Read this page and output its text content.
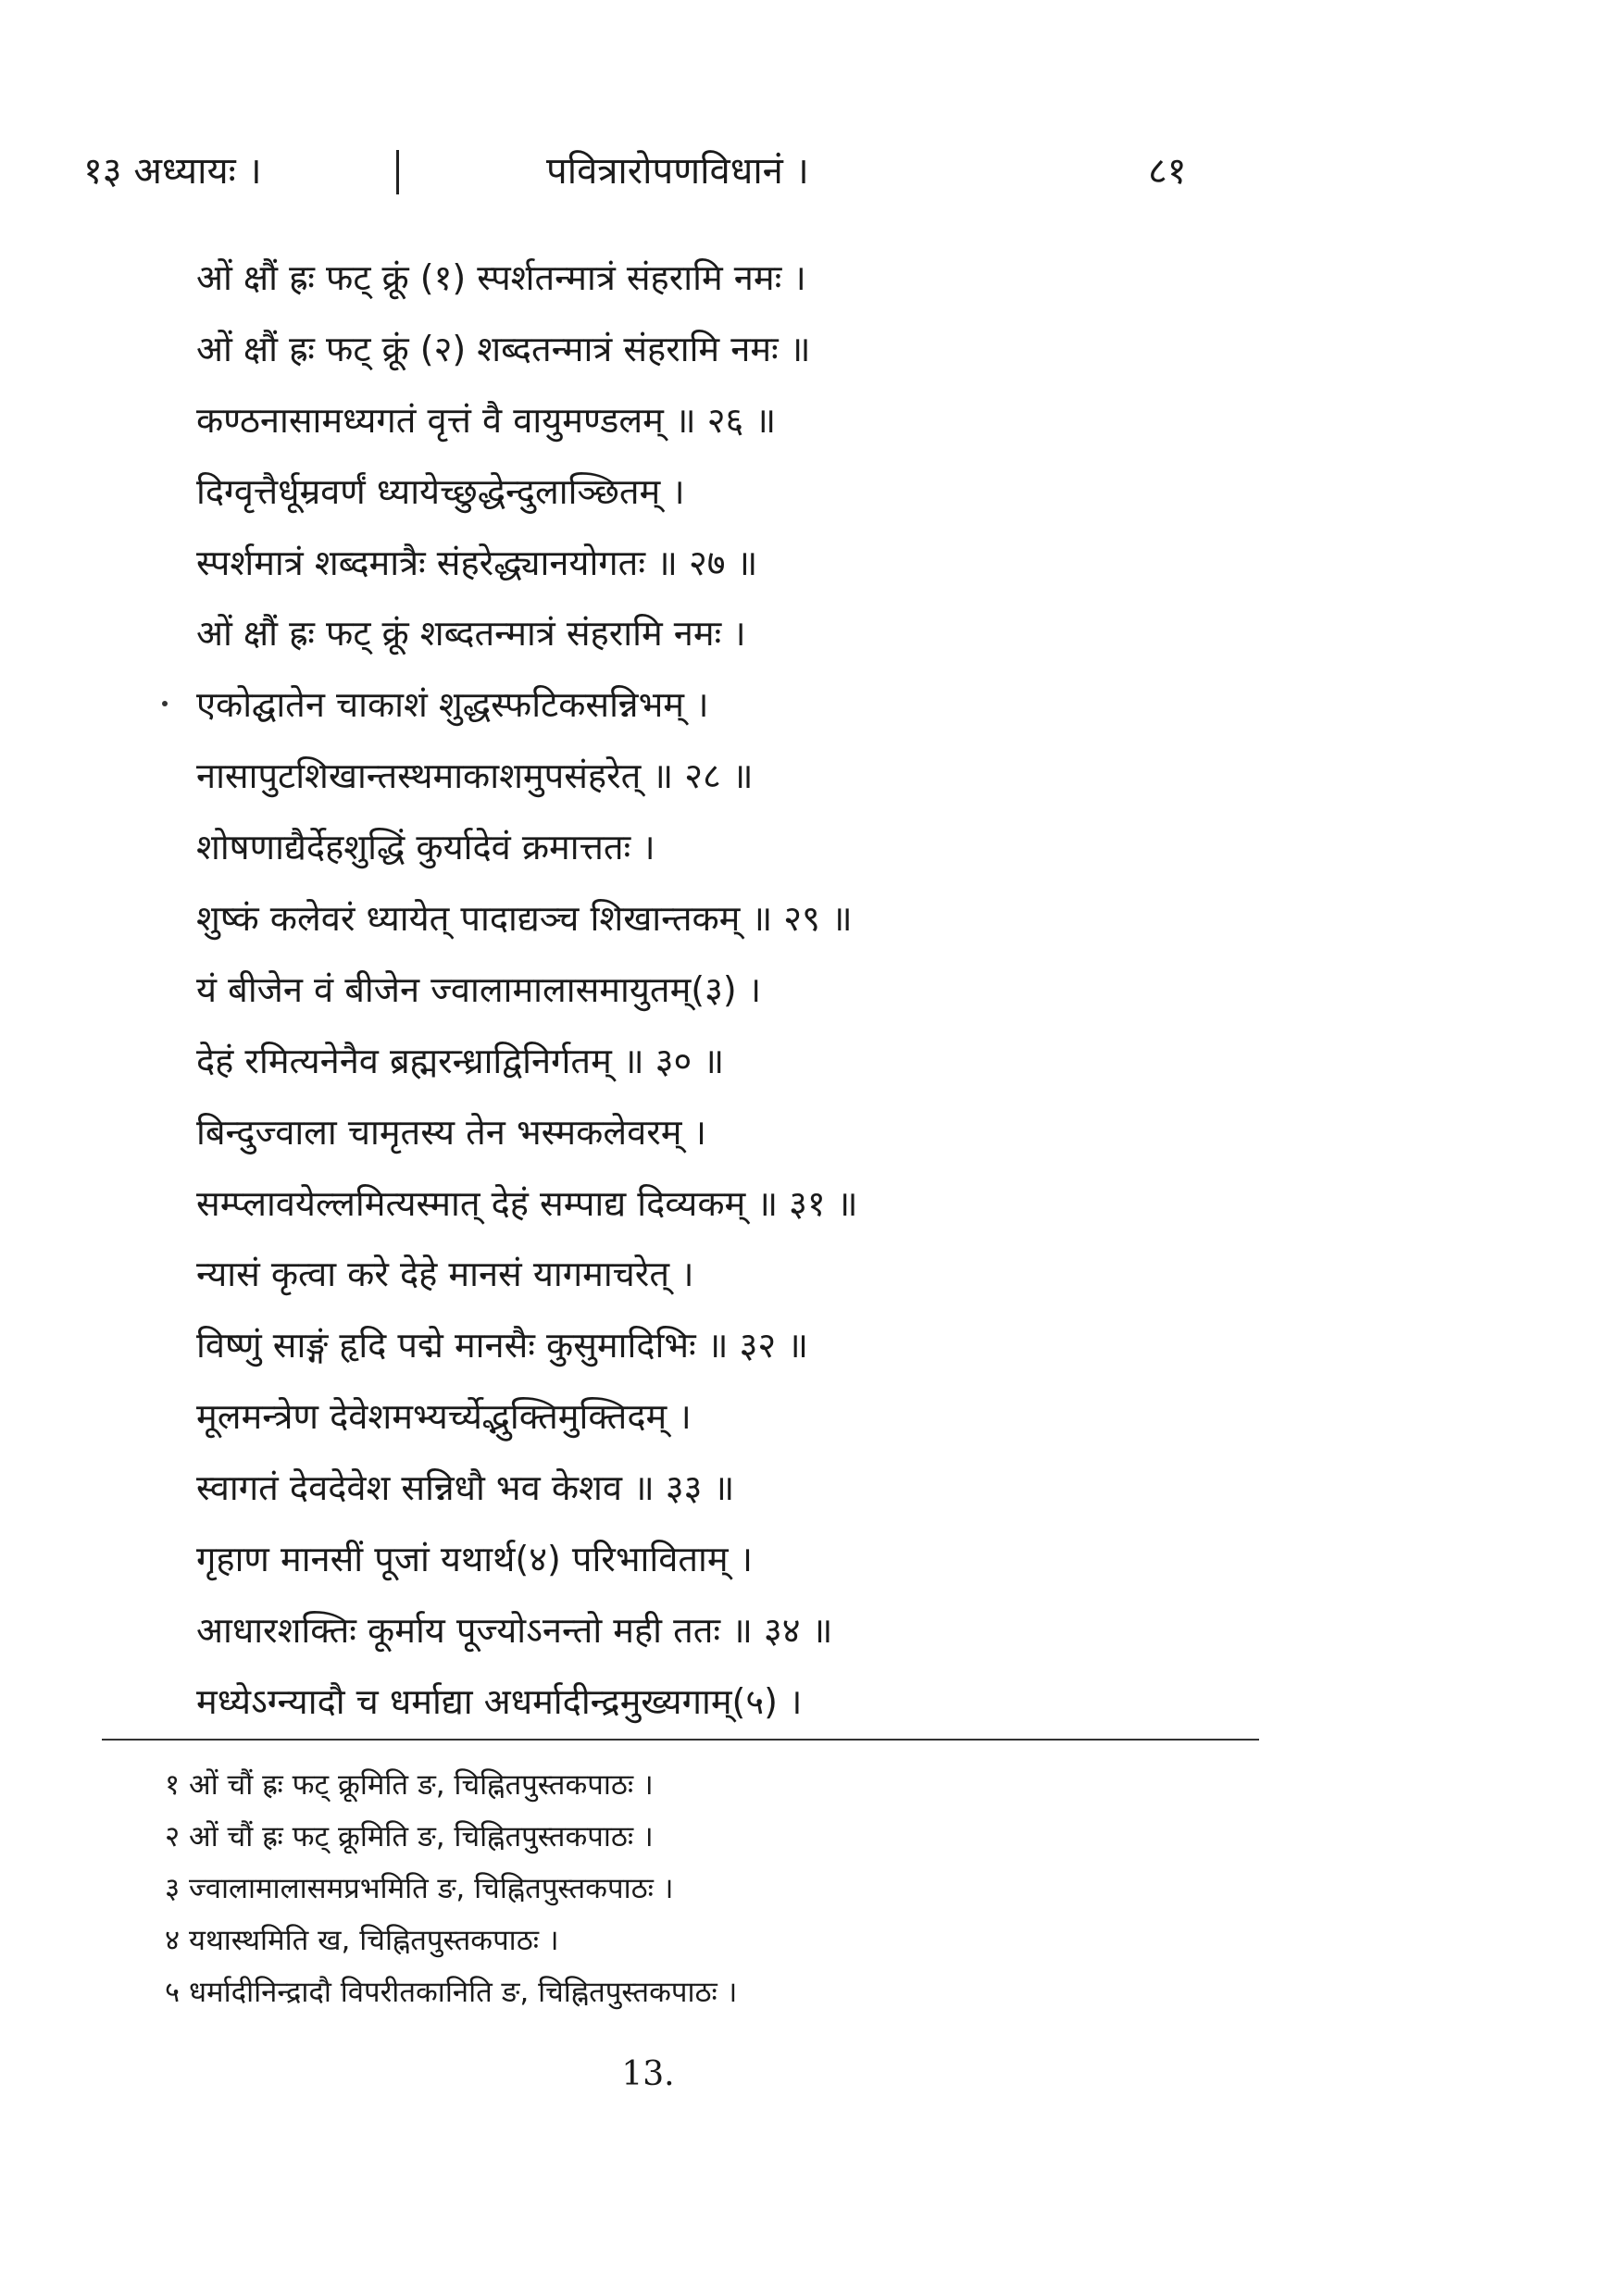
१३ अध्यायः ।	पवित्रारोपणविधानं ।	८१
ओं क्षौं ह्रः फट् क्रूं (१) स्पर्शतन्मात्रं संहरामि नमः ।
ओं क्षौं ह्रः फट् क्रूं (२) शब्दतन्मात्रं संहरामि नमः ॥
कण्ठनासामध्यगतं वृत्तं वै वायुमण्डलम् ॥ २६ ॥
दिग्वृत्तैर्धूम्रवर्णं ध्यायेच्छुद्धेन्दुलाञ्छितम् ।
स्पर्शमात्रं शब्दमात्रैः संहरेद्ध्यानयोगतः ॥ २७ ॥
ओं क्षौं ह्रः फट् क्रूं शब्दतन्मात्रं संहरामि नमः ।
एकोद्घातेन चाकाशं शुद्धस्फटिकसन्निभम् ।
नासापुटशिखान्तस्थमाकाशमुपसंहरेत् ॥ २८ ॥
शोषणाद्यैर्देहशुद्धिं कुर्यादेवं क्रमात्ततः ।
शुष्कं कलेवरं ध्यायेत् पादाद्यञ्च शिखान्तकम् ॥ २९ ॥
यं बीजेन वं बीजेन ज्वालामालासमायुतम्(३) ।
देहं रमित्यनेनैव ब्रह्मरन्ध्राद्विनिर्गतम् ॥ ३० ॥
बिन्दुज्वाला चामृतस्य तेन भस्मकलेवरम् ।
सम्प्लावयेल्लमित्यस्मात् देहं सम्पाद्य दिव्यकम् ॥ ३१ ॥
न्यासं कृत्वा करे देहे मानसं यागमाचरेत् ।
विष्णुं साङ्गं हृदि पद्मे मानसैः कुसुमादिभिः ॥ ३२ ॥
मूलमन्त्रेण देवेशमभ्यर्च्येद्भुक्तिमुक्तिदम् ।
स्वागतं देवदेवेश सन्निधौ भव केशव ॥ ३३ ॥
गृहाण मानसीं पूजां यथार्थ(४) परिभाविताम् ।
आधारशक्तिः कूर्माय पूज्योऽनन्तो मही ततः ॥ ३४ ॥
मध्येऽग्न्यादौ च धर्माद्या अधर्मादीन्द्रमुख्यगाम्(५) ।
१ ओं चौं ह्रः फट् क्रूमिति ङ, चिह्नितपुस्तकपाठः ।
२ ओं चौं ह्रः फट् क्रूमिति ङ, चिह्नितपुस्तकपाठः ।
३ ज्वालामालासमप्रभमिति ङ, चिह्नितपुस्तकपाठः ।
४ यथास्थमिति ख, चिह्नितपुस्तकपाठः ।
५ धर्मादीनिन्द्रादौ विपरीतकानिति ङ, चिह्नितपुस्तकपाठः ।
13.
